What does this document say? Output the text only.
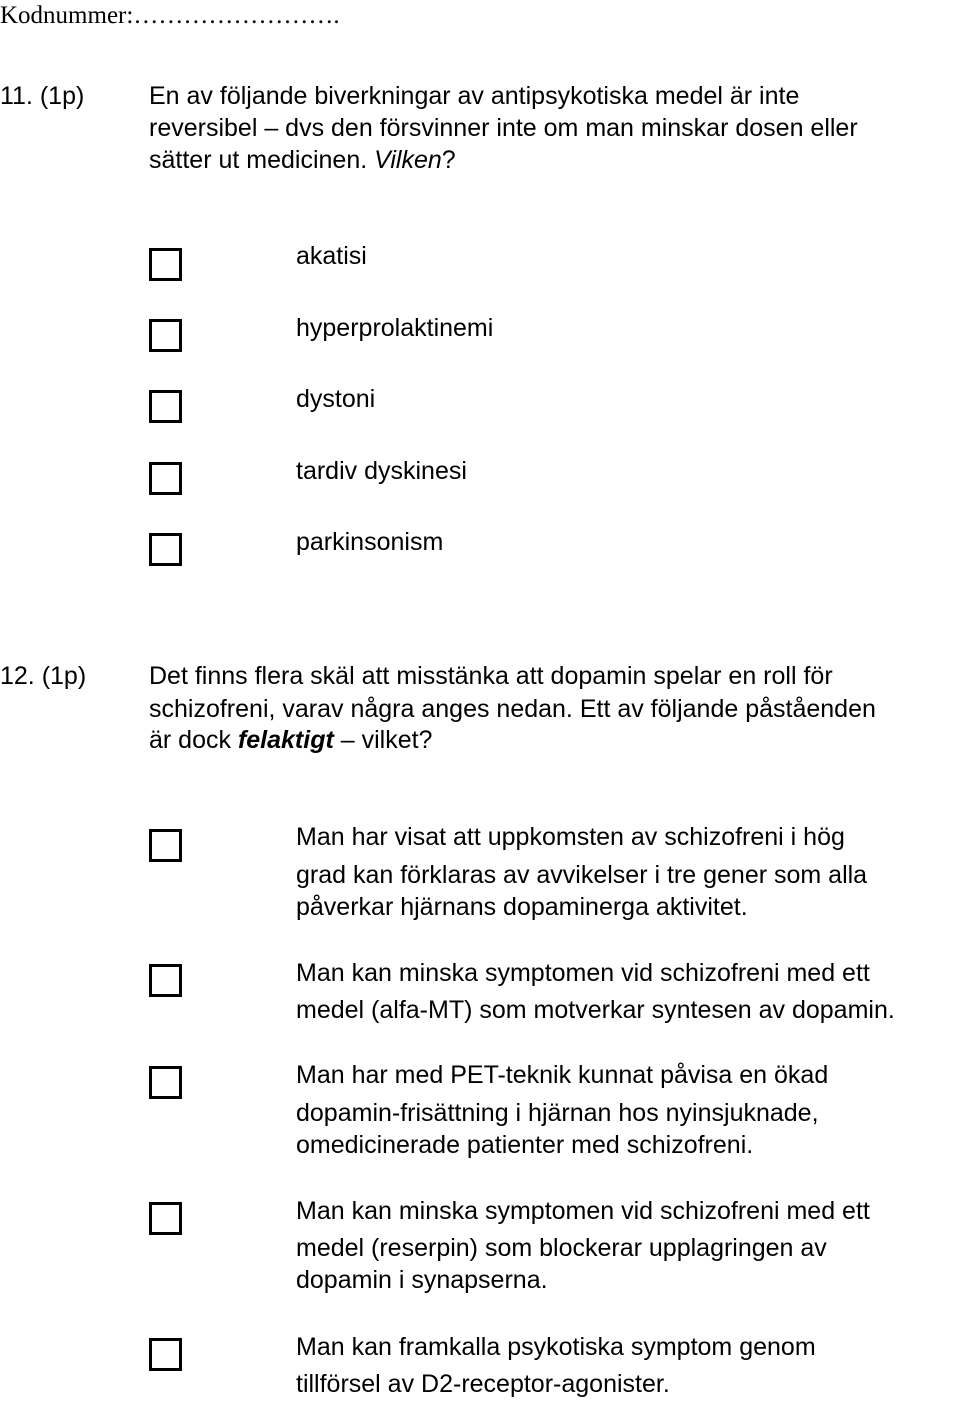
Kodnummer:…………………….
11. (1p)	En av följande biverkningar av antipsykotiska medel är inte
reversibel – dvs den försvinner inte om man minskar dosen eller
sätter ut medicinen. Vilken?
akatisi
hyperprolaktinemi
dystoni
tardiv dyskinesi
parkinsonism
12. (1p)	Det finns flera skäl att misstänka att dopamin spelar en roll för
schizofreni, varav några anges nedan. Ett av följande påståenden
är dock felaktigt – vilket?
Man har visat att uppkomsten av schizofreni i hög
grad kan förklaras av avvikelser i tre gener som alla
påverkar hjärnans dopaminerga aktivitet.
Man kan minska symptomen vid schizofreni med ett
medel (alfa-MT) som motverkar syntesen av dopamin.
Man har med PET-teknik kunnat påvisa en ökad
dopamin-frisättning i hjärnan hos nyinsjuknade,
omedicinerade patienter med schizofreni.
Man kan minska symptomen vid schizofreni med ett
medel (reserpin) som blockerar upplagringen av
dopamin i synapserna.
Man kan framkalla psykotiska symptom genom
tillförsel av D2-receptor-agonister.
